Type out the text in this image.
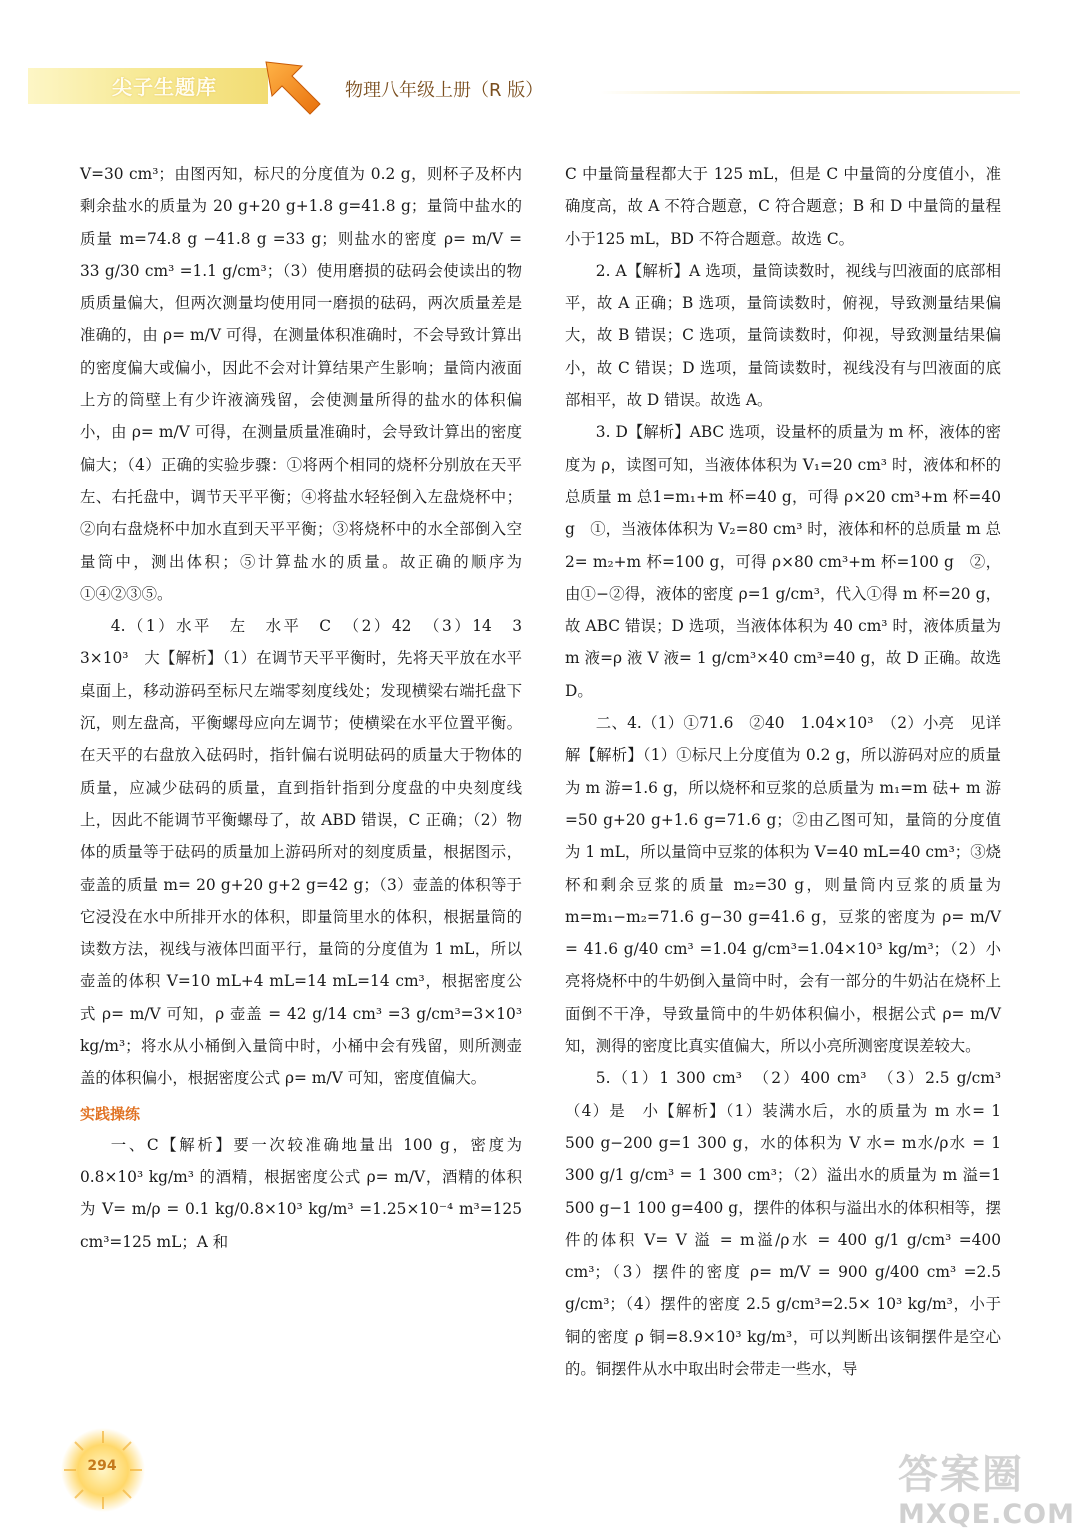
尖子生题库	物理八年级上册（R 版）

V=30 cm³；由图丙知，标尺的分度值为 0.2 g，则杯子及杯内剩余盐水的质量为 20 g+20 g+1.8 g=41.8 g；量筒中盐水的质量 m=74.8 g −41.8 g =33 g；则盐水的密度 ρ= m/V = 33 g/30 cm³ =1.1 g/cm³；（3）使用磨损的砝码会使读出的物质质量偏大，但两次测量均使用同一磨损的砝码，两次质量差是准确的，由 ρ= m/V 可得，在测量体积准确时，不会导致计算出的密度偏大或偏小，因此不会对计算结果产生影响；量筒内液面上方的筒壁上有少许液滴残留，会使测量所得的盐水的体积偏小，由 ρ= m/V 可得，在测量质量准确时，会导致计算出的密度偏大；（4）正确的实验步骤：①将两个相同的烧杯分别放在天平左、右托盘中，调节天平平衡；④将盐水轻轻倒入左盘烧杯中；②向右盘烧杯中加水直到天平平衡；③将烧杯中的水全部倒入空量筒中，测出体积；⑤计算盐水的质量。故正确的顺序为①④②③⑤。

4.（1）水平　左　水平　C　（2）42　（3）14　3　3×10³　大【解析】（1）在调节天平平衡时，先将天平放在水平桌面上，移动游码至标尺左端零刻度线处；发现横梁右端托盘下沉，则左盘高，平衡螺母应向左调节；使横梁在水平位置平衡。在天平的右盘放入砝码时，指针偏右说明砝码的质量大于物体的质量，应减少砝码的质量，直到指针指到分度盘的中央刻度线上，因此不能调节平衡螺母了，故 ABD 错误，C 正确；（2）物体的质量等于砝码的质量加上游码所对的刻度质量，根据图示，壶盖的质量 m= 20 g+20 g+2 g=42 g；（3）壶盖的体积等于它浸没在水中所排开水的体积，即量筒里水的体积，根据量筒的读数方法，视线与液体凹面平行，量筒的分度值为 1 mL，所以壶盖的体积 V=10 mL+4 mL=14 mL=14 cm³，根据密度公式 ρ= m/V 可知，ρ 壶盖 = 42 g/14 cm³ =3 g/cm³=3×10³ kg/m³；将水从小桶倒入量筒中时，小桶中会有残留，则所测壶盖的体积偏小，根据密度公式 ρ= m/V 可知，密度值偏大。

实践操练

一、C【解析】要一次较准确地量出 100 g，密度为 0.8×10³ kg/m³ 的酒精，根据密度公式 ρ= m/V，酒精的体积为 V= m/ρ = 0.1 kg/0.8×10³ kg/m³ =1.25×10⁻⁴ m³=125 cm³=125 mL；A 和

C 中量筒量程都大于 125 mL，但是 C 中量筒的分度值小，准确度高，故 A 不符合题意，C 符合题意；B 和 D 中量筒的量程小于125 mL，BD 不符合题意。故选 C。

2. A【解析】A 选项，量筒读数时，视线与凹液面的底部相平，故 A 正确；B 选项，量筒读数时，俯视，导致测量结果偏大，故 B 错误；C 选项，量筒读数时，仰视，导致测量结果偏小，故 C 错误；D 选项，量筒读数时，视线没有与凹液面的底部相平，故 D 错误。故选 A。

3. D【解析】ABC 选项，设量杯的质量为 m 杯，液体的密度为 ρ，读图可知，当液体体积为 V₁=20 cm³ 时，液体和杯的总质量 m 总1=m₁+m 杯=40 g，可得 ρ×20 cm³+m 杯=40 g　①，当液体体积为 V₂=80 cm³ 时，液体和杯的总质量 m 总2= m₂+m 杯=100 g，可得 ρ×80 cm³+m 杯=100 g　②，由①−②得，液体的密度 ρ=1 g/cm³，代入①得 m 杯=20 g，故 ABC 错误；D 选项，当液体体积为 40 cm³ 时，液体质量为 m 液=ρ 液 V 液= 1 g/cm³×40 cm³=40 g，故 D 正确。故选 D。

二、4.（1）①71.6　②40　1.04×10³　（2）小亮　见详解【解析】（1）①标尺上分度值为 0.2 g，所以游码对应的质量为 m 游=1.6 g，所以烧杯和豆浆的总质量为 m₁=m 砝+ m 游=50 g+20 g+1.6 g=71.6 g；②由乙图可知，量筒的分度值为 1 mL，所以量筒中豆浆的体积为 V=40 mL=40 cm³；③烧杯和剩余豆浆的质量 m₂=30 g，则量筒内豆浆的质量为 m=m₁−m₂=71.6 g−30 g=41.6 g，豆浆的密度为 ρ= m/V = 41.6 g/40 cm³ =1.04 g/cm³=1.04×10³ kg/m³；（2）小亮将烧杯中的牛奶倒入量筒中时，会有一部分的牛奶沾在烧杯上面倒不干净，导致量筒中的牛奶体积偏小，根据公式 ρ= m/V 知，测得的密度比真实值偏大，所以小亮所测密度误差较大。

5.（1）1 300 cm³　（2）400 cm³　（3）2.5 g/cm³　（4）是　小【解析】（1）装满水后，水的质量为 m 水= 1 500 g−200 g=1 300 g，水的体积为 V 水= m水/ρ水 = 1 300 g/1 g/cm³ = 1 300 cm³；（2）溢出水的质量为 m 溢=1 500 g−1 100 g=400 g，摆件的体积与溢出水的体积相等，摆件的体积 V= V 溢 = m溢/ρ水 = 400 g/1 g/cm³ =400 cm³；（3）摆件的密度 ρ= m/V = 900 g/400 cm³ =2.5 g/cm³；（4）摆件的密度 2.5 g/cm³=2.5× 10³ kg/m³，小于铜的密度 ρ 铜=8.9×10³ kg/m³，可以判断出该铜摆件是空心的。铜摆件从水中取出时会带走一些水，导

294	答案圈
MXQE.COM
